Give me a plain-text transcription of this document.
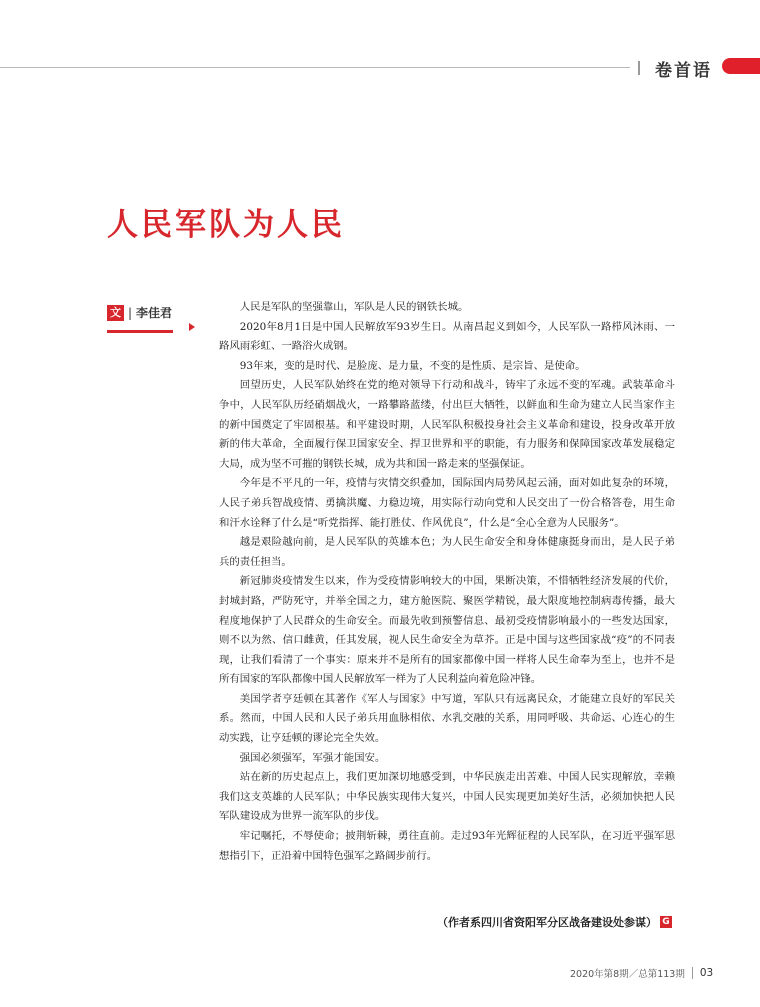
卷首语
人民军队为人民
文 | 李佳君	人民是军队的坚强靠山，军队是人民的钢铁长城。

2020年8月1日是中国人民解放军93岁生日。从南昌起义到如今，人民军队一路栉风沐雨、一路风雨彩虹、一路浴火成钢。

93年来，变的是时代、是脸庞、是力量，不变的是性质、是宗旨、是使命。

回望历史，人民军队始终在党的绝对领导下行动和战斗，铸牢了永远不变的军魂。武装革命斗争中，人民军队历经硝烟战火，一路攀路蓝缕，付出巨大牺牲，以鲜血和生命为建立人民当家作主的新中国奠定了牢固根基。和平建设时期，人民军队积极投身社会主义革命和建设，投身改革开放新的伟大革命，全面履行保卫国家安全、捍卫世界和平的职能，有力服务和保障国家改革发展稳定大局，成为坚不可摧的钢铁长城，成为共和国一路走来的坚强保证。

今年是不平凡的一年，疫情与灾情交织叠加，国际国内局势风起云涌，面对如此复杂的环境，人民子弟兵智战疫情、勇擒洪魔、力稳边境，用实际行动向党和人民交出了一份合格答卷，用生命和汗水诠释了什么是“听党指挥、能打胜仗、作风优良”，什么是“全心全意为人民服务”。

越是艰险越向前，是人民军队的英雄本色；为人民生命安全和身体健康挺身而出，是人民子弟兵的责任担当。

新冠肺炎疫情发生以来，作为受疫情影响较大的中国，果断决策，不惜牺牲经济发展的代价，封城封路，严防死守，并举全国之力，建方舱医院、聚医学精锐，最大限度地控制病毒传播，最大程度地保护了人民群众的生命安全。而最先收到预警信息、最初受疫情影响最小的一些发达国家，则不以为然、信口雌黄，任其发展，视人民生命安全为草芥。正是中国与这些国家战“疫”的不同表现，让我们看清了一个事实：原来并不是所有的国家都像中国一样将人民生命奉为至上，也并不是所有国家的军队都像中国人民解放军一样为了人民利益向着危险冲锋。

美国学者亨廷顿在其著作《军人与国家》中写道，军队只有远离民众，才能建立良好的军民关系。然而，中国人民和人民子弟兵用血脉相依、水乳交融的关系，用同呼吸、共命运、心连心的生动实践，让亨廷顿的谬论完全失效。

强国必须强军，军强才能国安。

站在新的历史起点上，我们更加深切地感受到，中华民族走出苦难、中国人民实现解放，幸赖我们这支英雄的人民军队；中华民族实现伟大复兴，中国人民实现更加美好生活，必须加快把人民军队建设成为世界一流军队的步伐。

牢记嘱托，不辱使命；披荆斩棘，勇往直前。走过93年光辉征程的人民军队，在习近平强军思想指引下，正沿着中国特色强军之路阔步前行。

（作者系四川省资阳军分区战备建设处参谋） G
2020年第8期／总第113期 03
